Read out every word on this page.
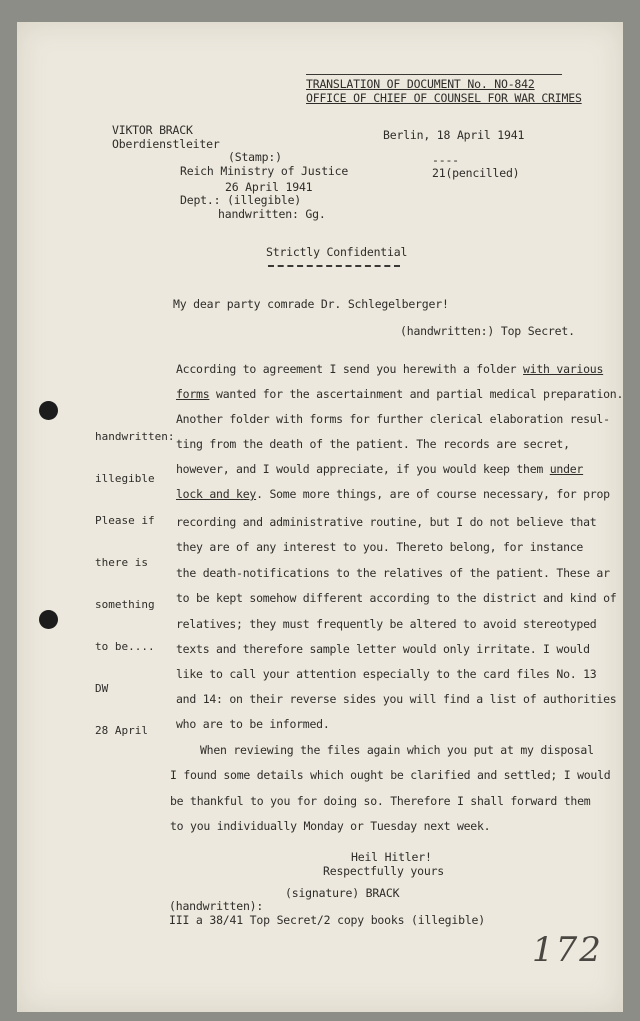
TRANSLATION OF DOCUMENT No. NO-842
OFFICE OF CHIEF OF COUNSEL FOR WAR CRIMES
VIKTOR BRACK
Oberdienstleiter
Berlin, 18 April 1941
(Stamp:)
Reich Ministry of Justice
26 April 1941
Dept.: (illegible)
handwritten: Gg.
----
21(pencilled)
Strictly Confidential
My dear party comrade Dr. Schlegelberger!
(handwritten:) Top Secret.

handwritten:

illegible

Please if

there is

something

to be....

DW

28 April

According to agreement I send you herewith a folder with various
forms wanted for the ascertainment and partial medical preparation.
Another folder with forms for further clerical elaboration resul-
ting from the death of the patient. The records are secret,
however, and I would appreciate, if you would keep them under
lock and key. Some more things, are of course necessary, for prop
recording and administrative routine, but I do not believe that
they are of any interest to you. Thereto belong, for instance
the death-notifications to the relatives of the patient. These ar
to be kept somehow different according to the district and kind of
relatives; they must frequently be altered to avoid stereotyped
texts and therefore sample letter would only irritate. I would
like to call your attention especially to the card files No. 13
and 14: on their reverse sides you will find a list of authorities
who are to be informed.
When reviewing the files again which you put at my disposal
I found some details which ought be clarified and settled; I would
be thankful to you for doing so. Therefore I shall forward them
to you individually Monday or Tuesday next week.
Heil Hitler!
Respectfully yours
(signature) BRACK
(handwritten):
III a 38/41 Top Secret/2 copy books (illegible)
172
